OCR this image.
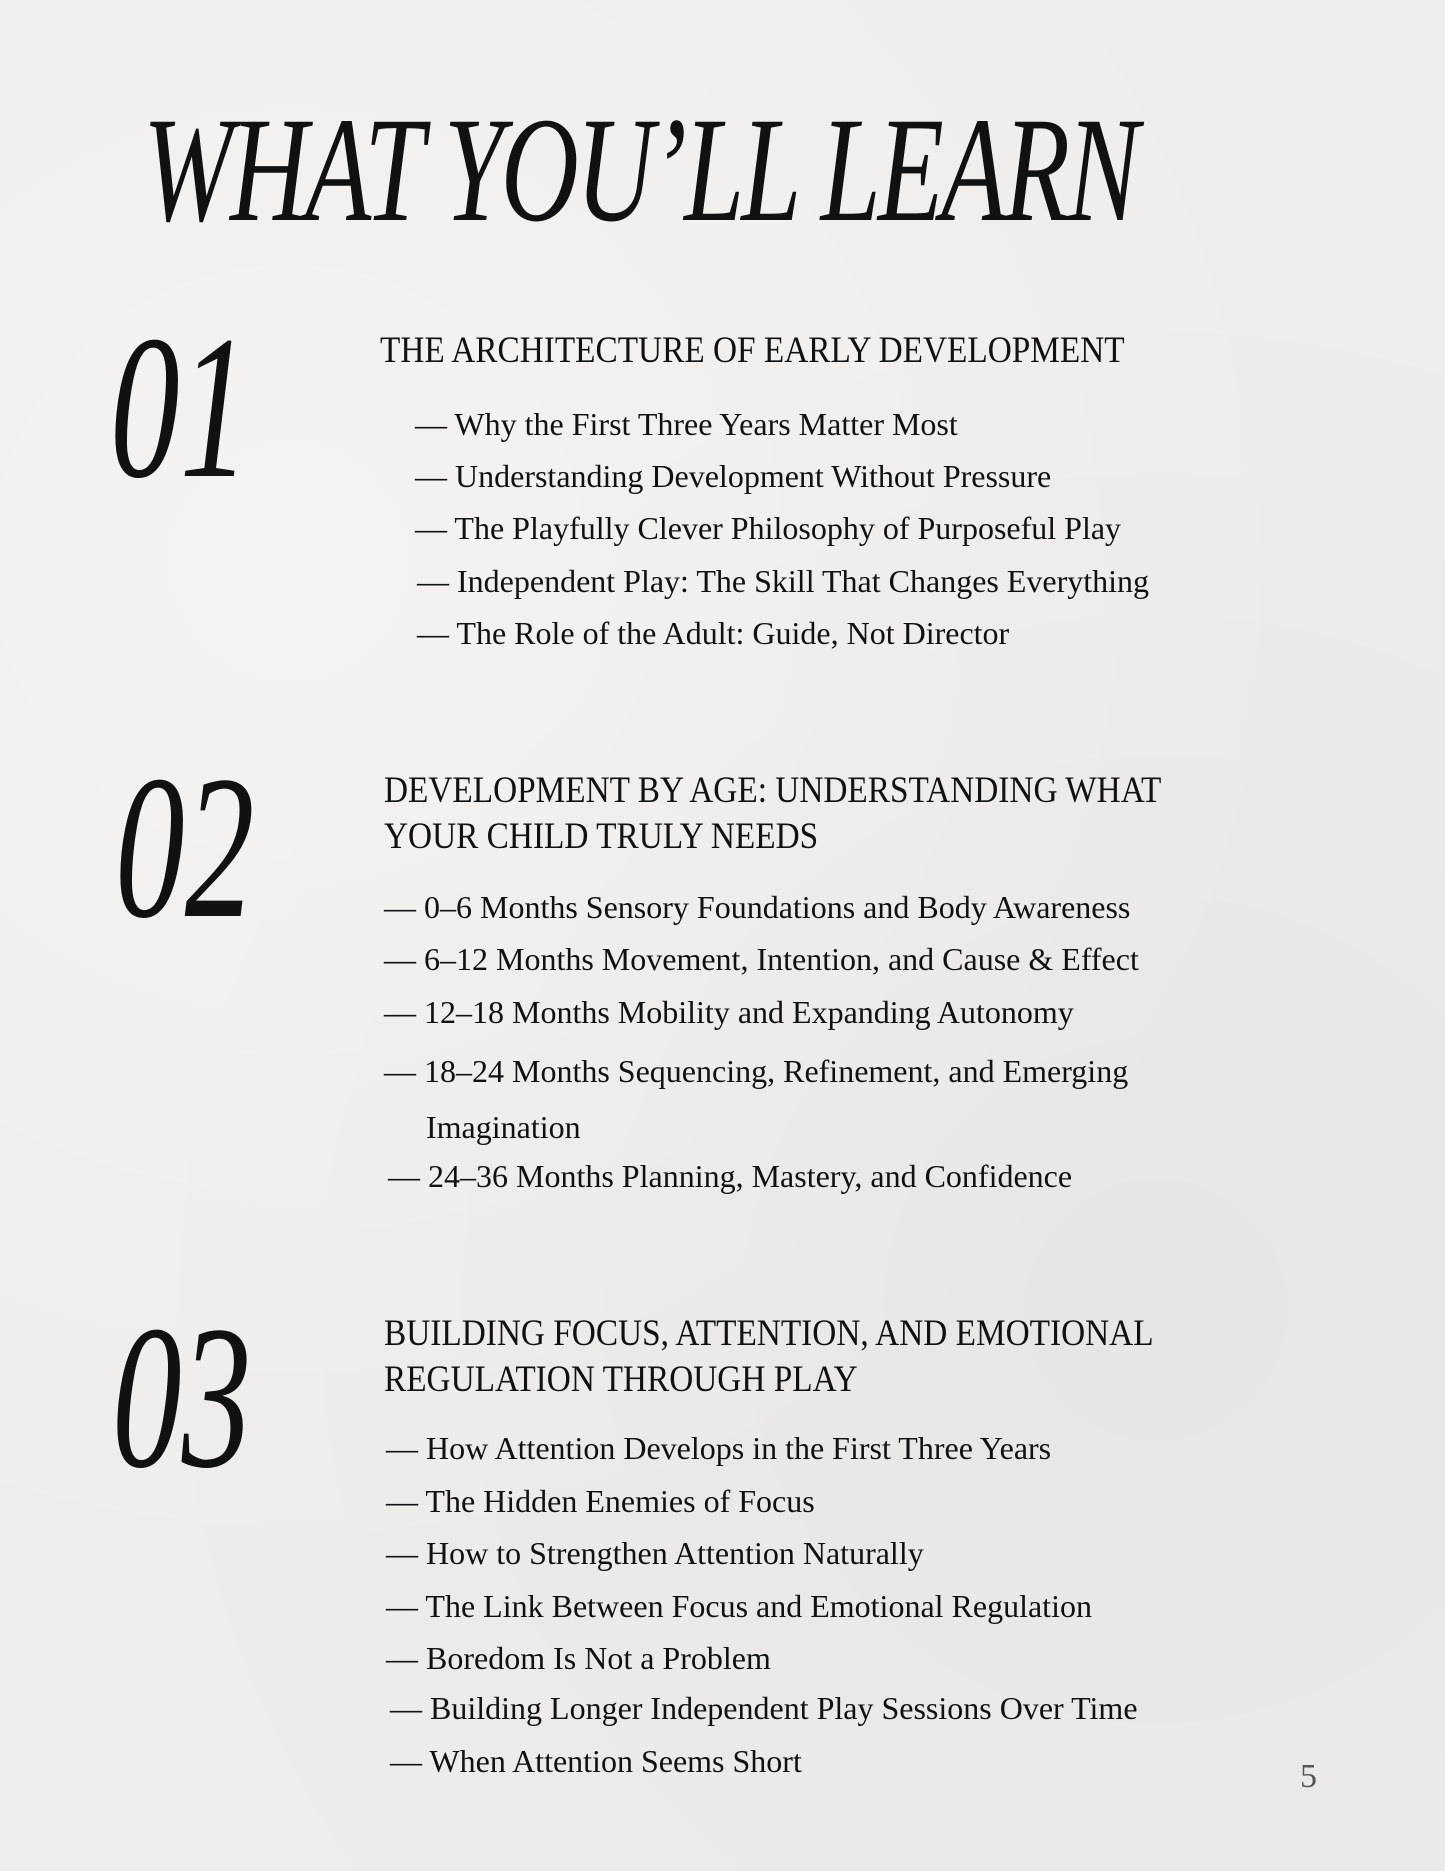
WHAT YOU’LL LEARN
01	THE ARCHITECTURE OF EARLY DEVELOPMENT
— Why the First Three Years Matter Most
— Understanding Development Without Pressure
— The Playfully Clever Philosophy of Purposeful Play
— Independent Play: The Skill That Changes Everything
— The Role of the Adult: Guide, Not Director
02	DEVELOPMENT BY AGE: UNDERSTANDING WHAT
YOUR CHILD TRULY NEEDS
— 0–6 Months Sensory Foundations and Body Awareness
— 6–12 Months Movement, Intention, and Cause & Effect
— 12–18 Months Mobility and Expanding Autonomy
— 18–24 Months Sequencing, Refinement, and Emerging
Imagination
— 24–36 Months Planning, Mastery, and Confidence
03	BUILDING FOCUS, ATTENTION, AND EMOTIONAL
REGULATION THROUGH PLAY
— How Attention Develops in the First Three Years
— The Hidden Enemies of Focus
— How to Strengthen Attention Naturally
— The Link Between Focus and Emotional Regulation
— Boredom Is Not a Problem
— Building Longer Independent Play Sessions Over Time
— When Attention Seems Short	5
